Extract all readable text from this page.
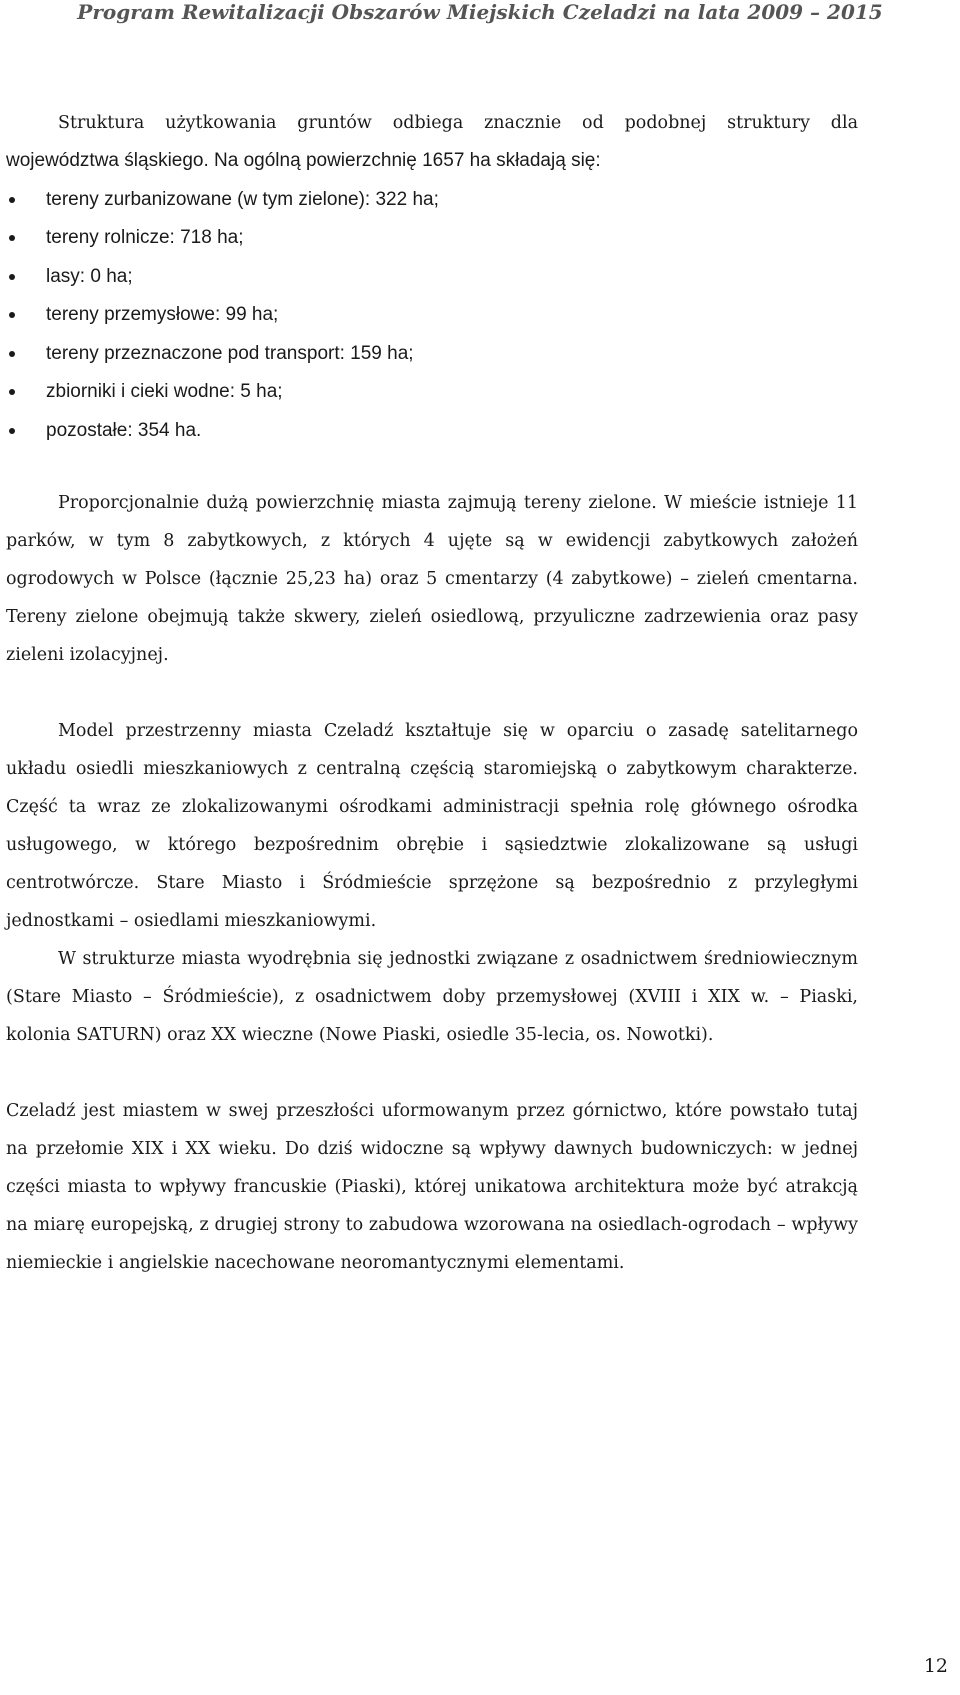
Program Rewitalizacji Obszarów Miejskich Czeladzi na lata 2009 – 2015

Struktura użytkowania gruntów odbiega znacznie od podobnej struktury dla

województwa śląskiego. Na ogólną powierzchnię 1657 ha składają się:

tereny zurbanizowane (w tym zielone): 322 ha;
tereny rolnicze: 718 ha;
lasy: 0 ha;
tereny przemysłowe: 99 ha;
tereny przeznaczone pod transport: 159 ha;
zbiorniki i cieki wodne: 5 ha;
pozostałe: 354 ha.

Proporcjonalnie dużą powierzchnię miasta zajmują tereny zielone. W mieście istnieje 11 parków, w tym 8 zabytkowych, z których 4 ujęte są w ewidencji zabytkowych założeń ogrodowych w Polsce (łącznie 25,23 ha) oraz 5 cmentarzy (4 zabytkowe) – zieleń cmentarna. Tereny zielone obejmują także skwery, zieleń osiedlową, przyuliczne zadrzewienia oraz pasy zieleni izolacyjnej.

Model przestrzenny miasta Czeladź kształtuje się w oparciu o zasadę satelitarnego układu osiedli mieszkaniowych z centralną częścią staromiejską o zabytkowym charakterze. Część ta wraz ze zlokalizowanymi ośrodkami administracji spełnia rolę głównego ośrodka usługowego, w którego bezpośrednim obrębie i sąsiedztwie zlokalizowane są usługi centrotwórcze. Stare Miasto i Śródmieście sprzężone są bezpośrednio z przyległymi jednostkami – osiedlami mieszkaniowymi.

W strukturze miasta wyodrębnia się jednostki związane z osadnictwem średniowiecznym (Stare Miasto – Śródmieście), z osadnictwem doby przemysłowej (XVIII i XIX w. – Piaski, kolonia SATURN) oraz XX wieczne (Nowe Piaski, osiedle 35-lecia, os. Nowotki).

Czeladź jest miastem w swej przeszłości uformowanym przez górnictwo, które powstało tutaj na przełomie XIX i XX wieku. Do dziś widoczne są wpływy dawnych budowniczych: w jednej części miasta to wpływy francuskie (Piaski), której unikatowa architektura może być atrakcją na miarę europejską, z drugiej strony to zabudowa wzorowana na osiedlach-ogrodach – wpływy niemieckie i angielskie nacechowane neoromantycznymi elementami.

12
